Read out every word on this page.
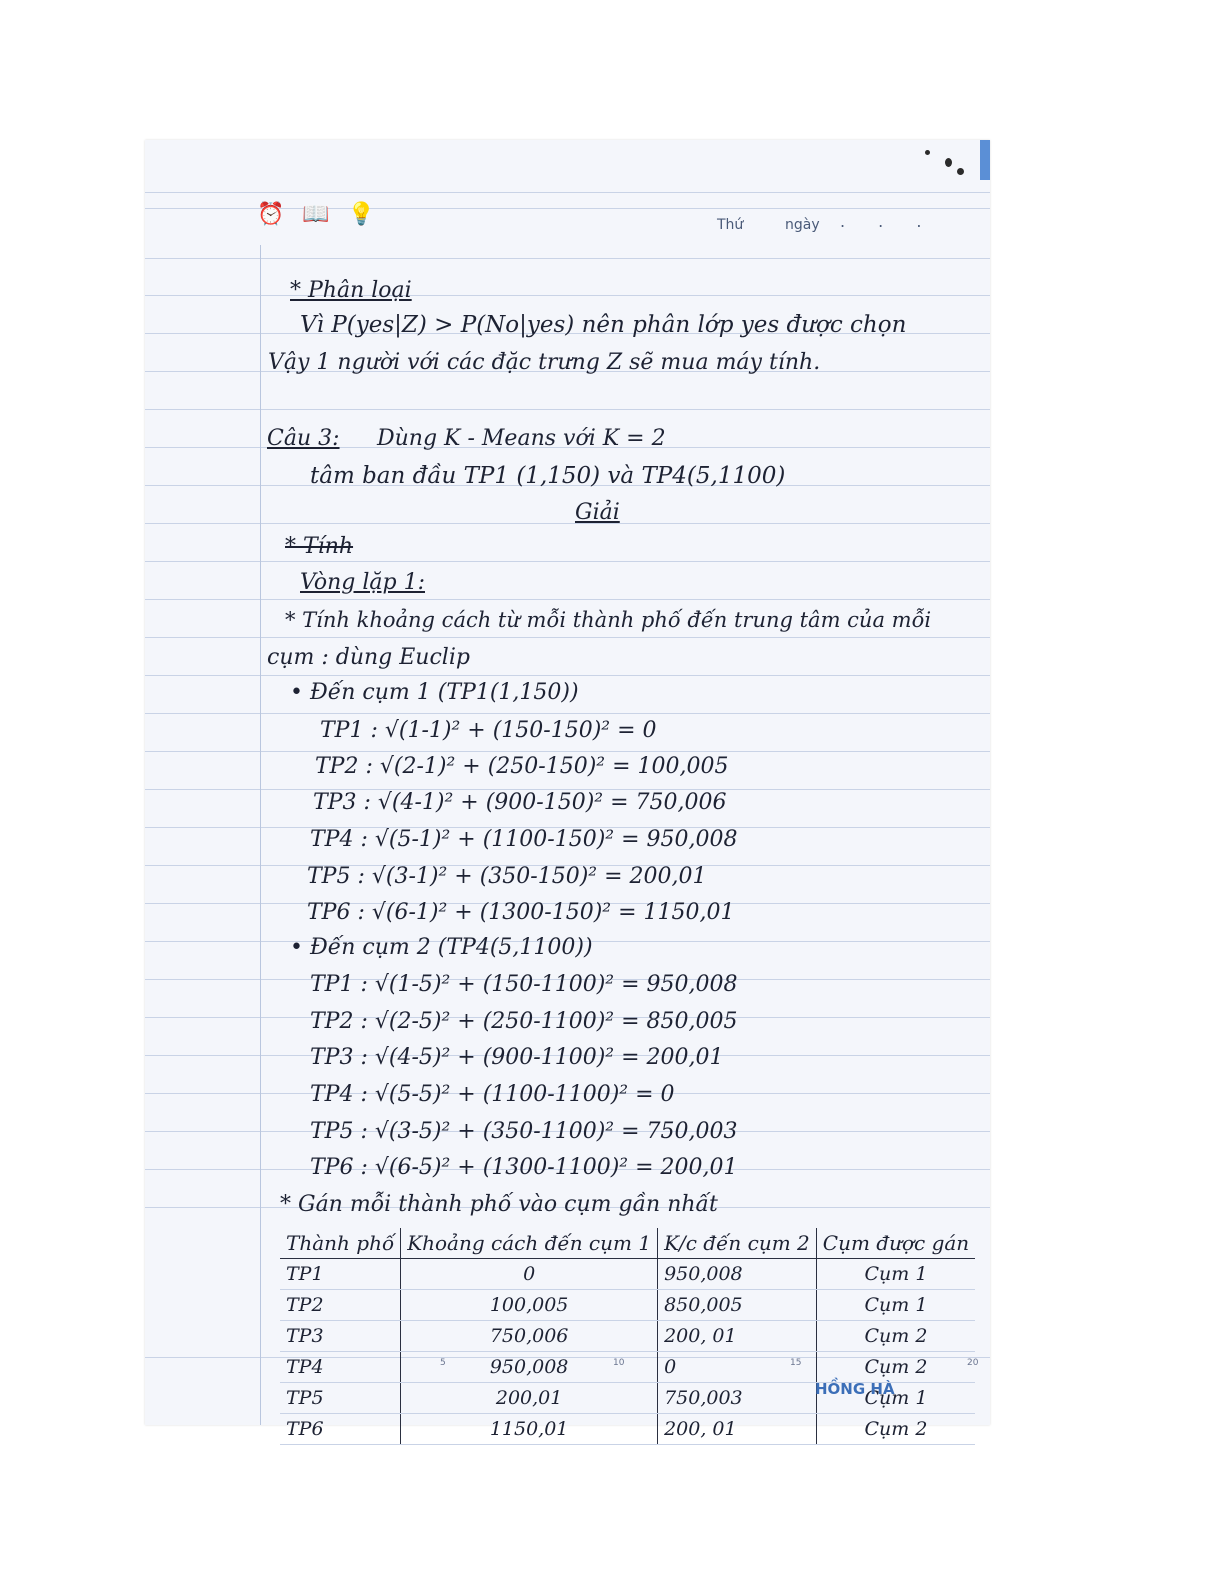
⏰ 📖 💡	Thứ	ngày . . .
* Phân loại
Vì P(yes|Z) > P(No|yes) nên phân lớp yes được chọn
Vậy 1 người với các đặc trưng Z sẽ mua máy tính.
Câu 3: Dùng K - Means với K = 2
tâm ban đầu TP1 (1,150) và TP4(5,1100)
Giải
* Tính
Vòng lặp 1:
* Tính khoảng cách từ mỗi thành phố đến trung tâm của mỗi
cụm : dùng Euclip
• Đến cụm 1 (TP1(1,150))
TP1 : √(1-1)² + (150-150)² = 0
TP2 : √(2-1)² + (250-150)² = 100,005
TP3 : √(4-1)² + (900-150)² = 750,006
TP4 : √(5-1)² + (1100-150)² = 950,008
TP5 : √(3-1)² + (350-150)² = 200,01
TP6 : √(6-1)² + (1300-150)² = 1150,01
• Đến cụm 2 (TP4(5,1100))
TP1 : √(1-5)² + (150-1100)² = 950,008
TP2 : √(2-5)² + (250-1100)² = 850,005
TP3 : √(4-5)² + (900-1100)² = 200,01
TP4 : √(5-5)² + (1100-1100)² = 0
TP5 : √(3-5)² + (350-1100)² = 750,003
TP6 : √(6-5)² + (1300-1100)² = 200,01
* Gán mỗi thành phố vào cụm gần nhất
Thành phố	Khoảng cách đến cụm 1	K/c đến cụm 2	Cụm được gán
TP1	0	950,008	Cụm 1
TP2	100,005	850,005	Cụm 1
TP3	750,006	200, 01	Cụm 2
TP4	950,008	0	Cụm 2
TP5	200,01	750,003	Cụm 1
TP6	1150,01	200, 01	Cụm 2
5	10	15	20
HỒNG HÀ
